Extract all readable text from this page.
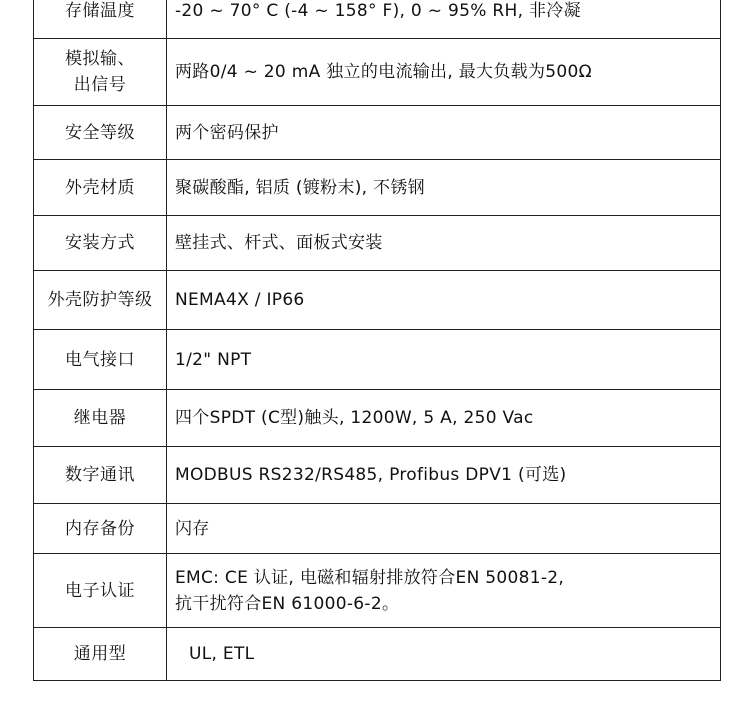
存储温度	-20 ~ 70° C (-4 ~ 158° F), 0 ~ 95% RH, 非冷凝

模拟输、
出信号	两路0/4 ~ 20 mA 独立的电流输出, 最大负载为500Ω
安全等级	两个密码保护
外壳材质	聚碳酸酯, 铝质 (镀粉末), 不锈钢
安装方式	壁挂式、杆式、面板式安装
外壳防护等级	NEMA4X / IP66
电气接口	1/2" NPT
继电器	四个SPDT (C型)触头, 1200W, 5 A, 250 Vac
数字通讯	MODBUS RS232/RS485, Profibus DPV1 (可选)
内存备份	闪存
电子认证	EMC: CE 认证, 电磁和辐射排放符合EN 50081-2,
抗干扰符合EN 61000-6-2。

通用型	UL, ETL
